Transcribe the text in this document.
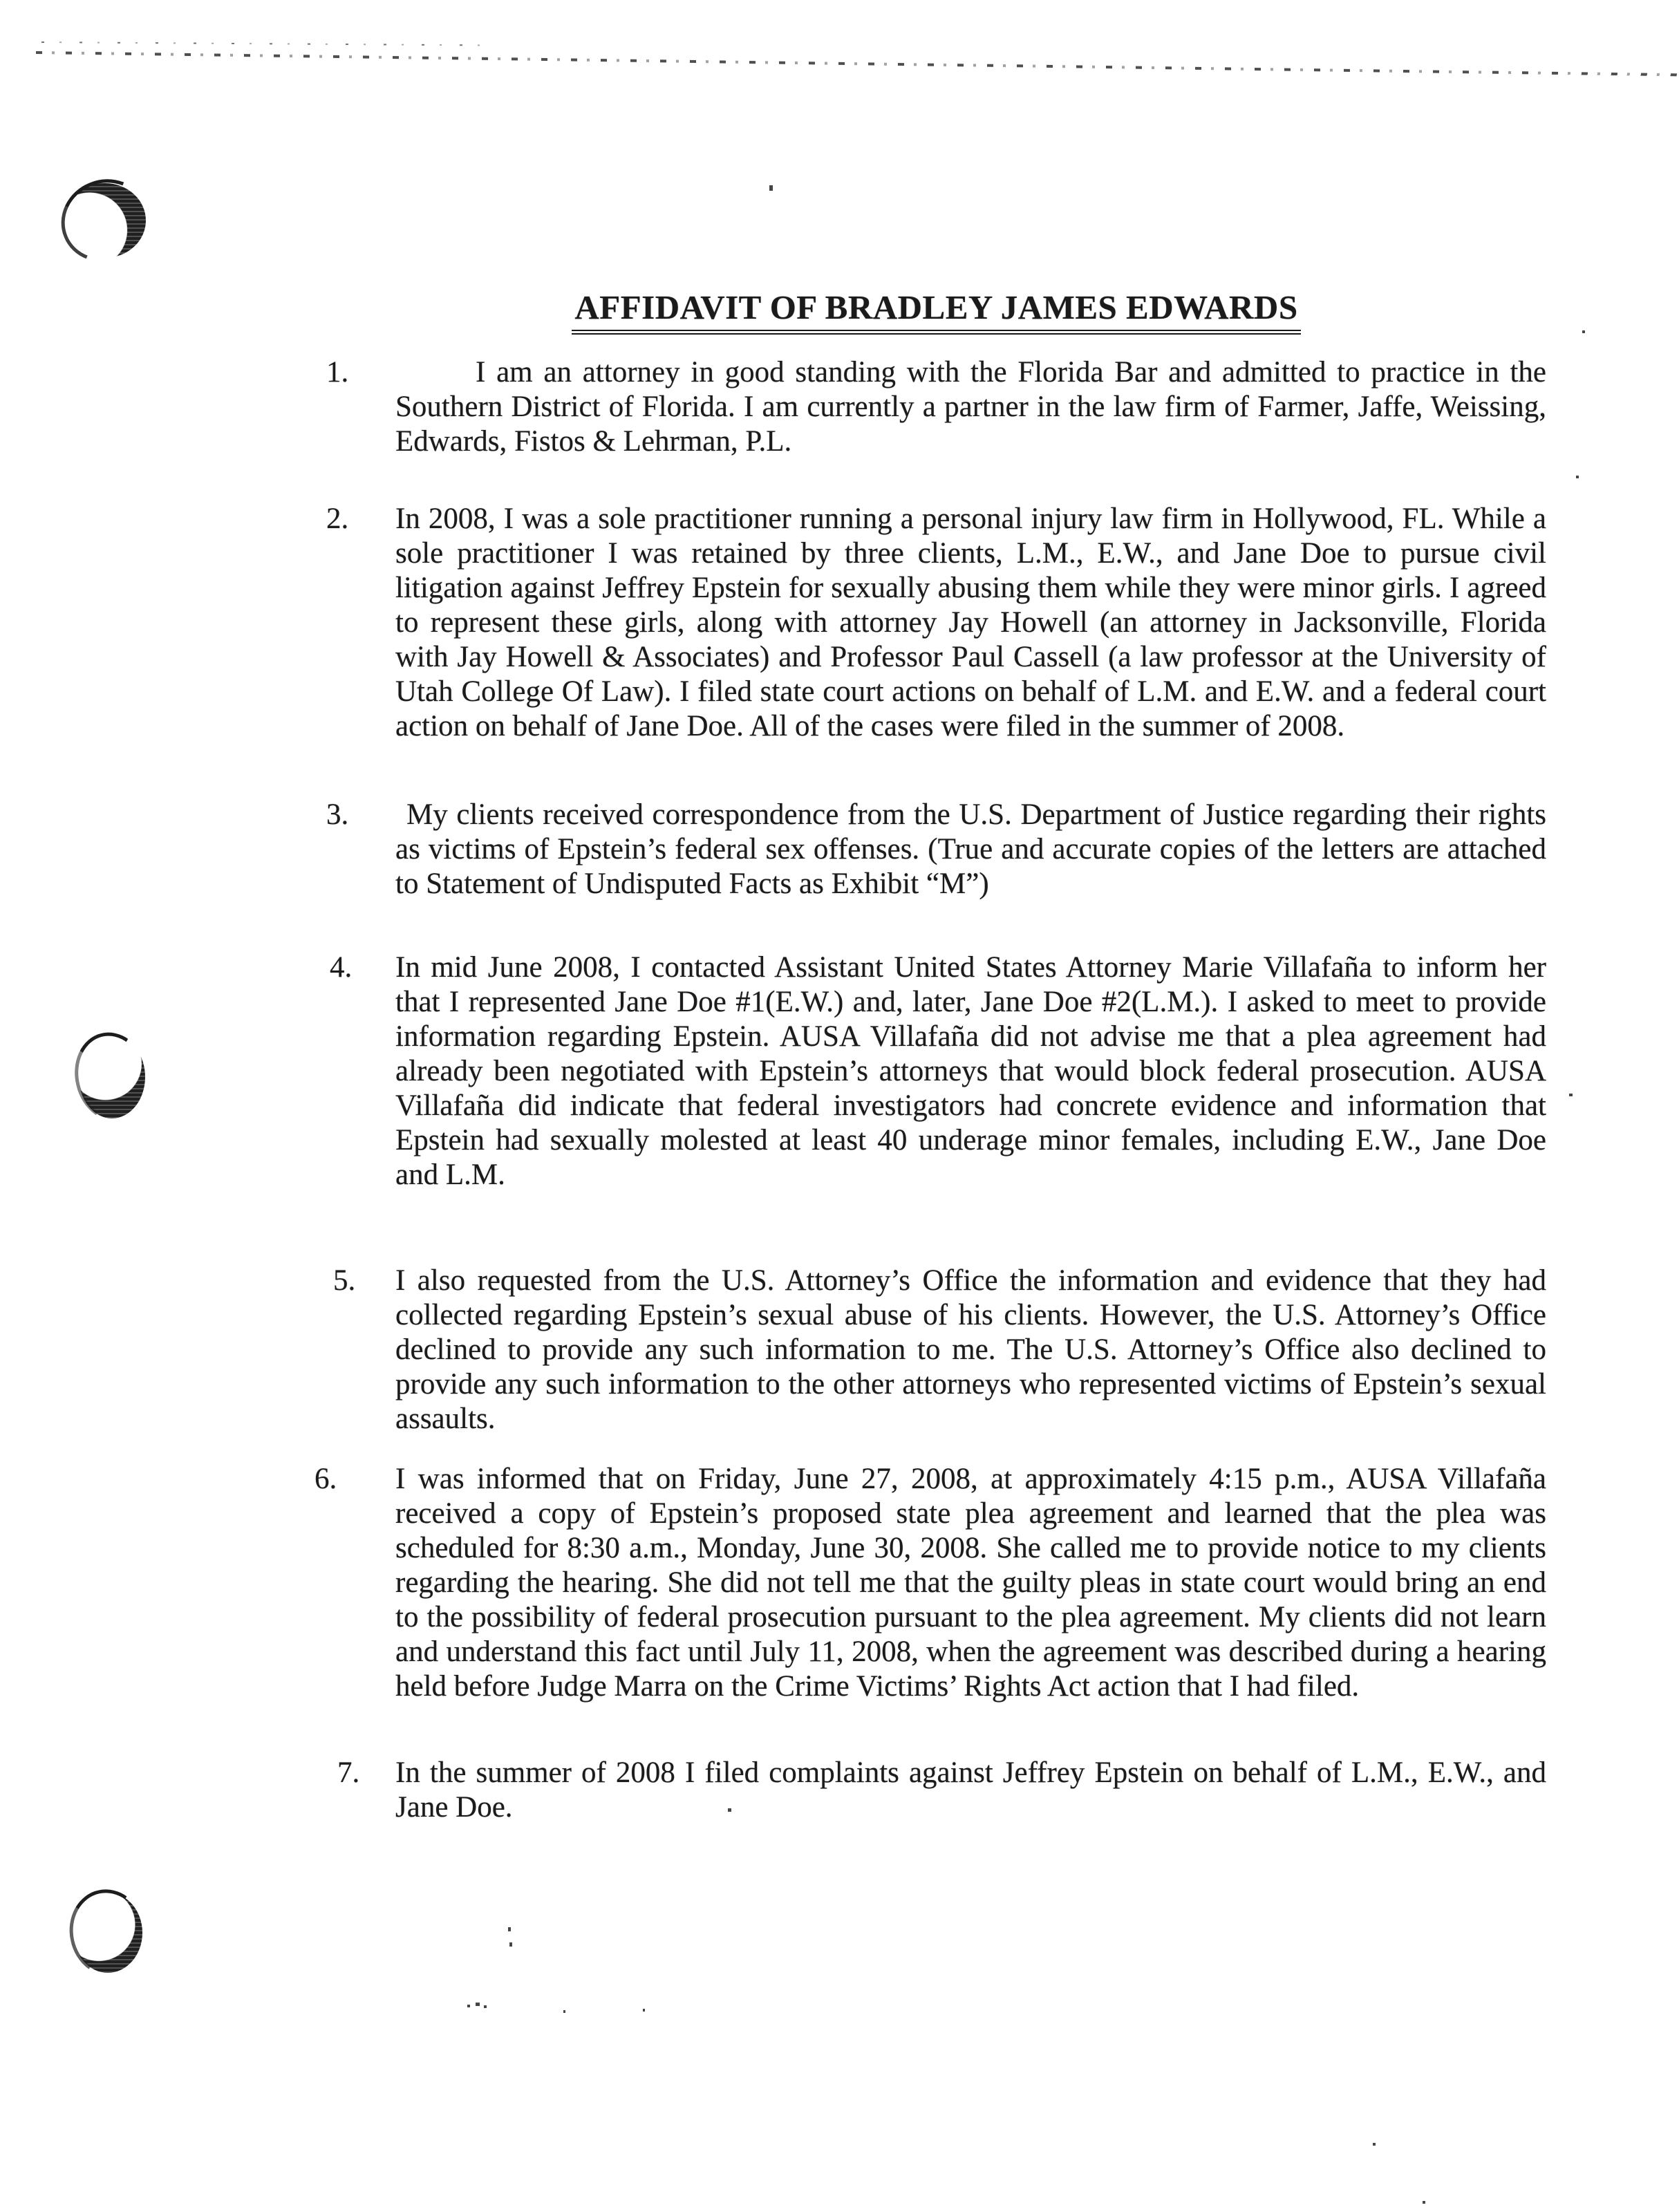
AFFIDAVIT OF BRADLEY JAMES EDWARDS
1.	I am an attorney in good standing with the Florida Bar and admitted to practice in the Southern District of Florida. I am currently a partner in the law firm of Farmer, Jaffe, Weissing, Edwards, Fistos & Lehrman, P.L.
2.	In 2008, I was a sole practitioner running a personal injury law firm in Hollywood, FL. While a sole practitioner I was retained by three clients, L.M., E.W., and Jane Doe to pursue civil litigation against Jeffrey Epstein for sexually abusing them while they were minor girls. I agreed to represent these girls, along with attorney Jay Howell (an attorney in Jacksonville, Florida with Jay Howell & Associates) and Professor Paul Cassell (a law professor at the University of Utah College Of Law). I filed state court actions on behalf of L.M. and E.W. and a federal court action on behalf of Jane Doe. All of the cases were filed in the summer of 2008.
3.	My clients received correspondence from the U.S. Department of Justice regarding their rights as victims of Epstein’s federal sex offenses. (True and accurate copies of the letters are attached to Statement of Undisputed Facts as Exhibit “M”)
4.	In mid June 2008, I contacted Assistant United States Attorney Marie Villafaña to inform her that I represented Jane Doe #1(E.W.) and, later, Jane Doe #2(L.M.). I asked to meet to provide information regarding Epstein. AUSA Villafaña did not advise me that a plea agreement had already been negotiated with Epstein’s attorneys that would block federal prosecution. AUSA Villafaña did indicate that federal investigators had concrete evidence and information that Epstein had sexually molested at least 40 underage minor females, including E.W., Jane Doe and L.M.
5.	I also requested from the U.S. Attorney’s Office the information and evidence that they had collected regarding Epstein’s sexual abuse of his clients. However, the U.S. Attorney’s Office declined to provide any such information to me. The U.S. Attorney’s Office also declined to provide any such information to the other attorneys who represented victims of Epstein’s sexual assaults.
6.	I was informed that on Friday, June 27, 2008, at approximately 4:15 p.m., AUSA Villafaña received a copy of Epstein’s proposed state plea agreement and learned that the plea was scheduled for 8:30 a.m., Monday, June 30, 2008. She called me to provide notice to my clients regarding the hearing. She did not tell me that the guilty pleas in state court would bring an end to the possibility of federal prosecution pursuant to the plea agreement. My clients did not learn and understand this fact until July 11, 2008, when the agreement was described during a hearing held before Judge Marra on the Crime Victims’ Rights Act action that I had filed.
7.	In the summer of 2008 I filed complaints against Jeffrey Epstein on behalf of L.M., E.W., and Jane Doe.
